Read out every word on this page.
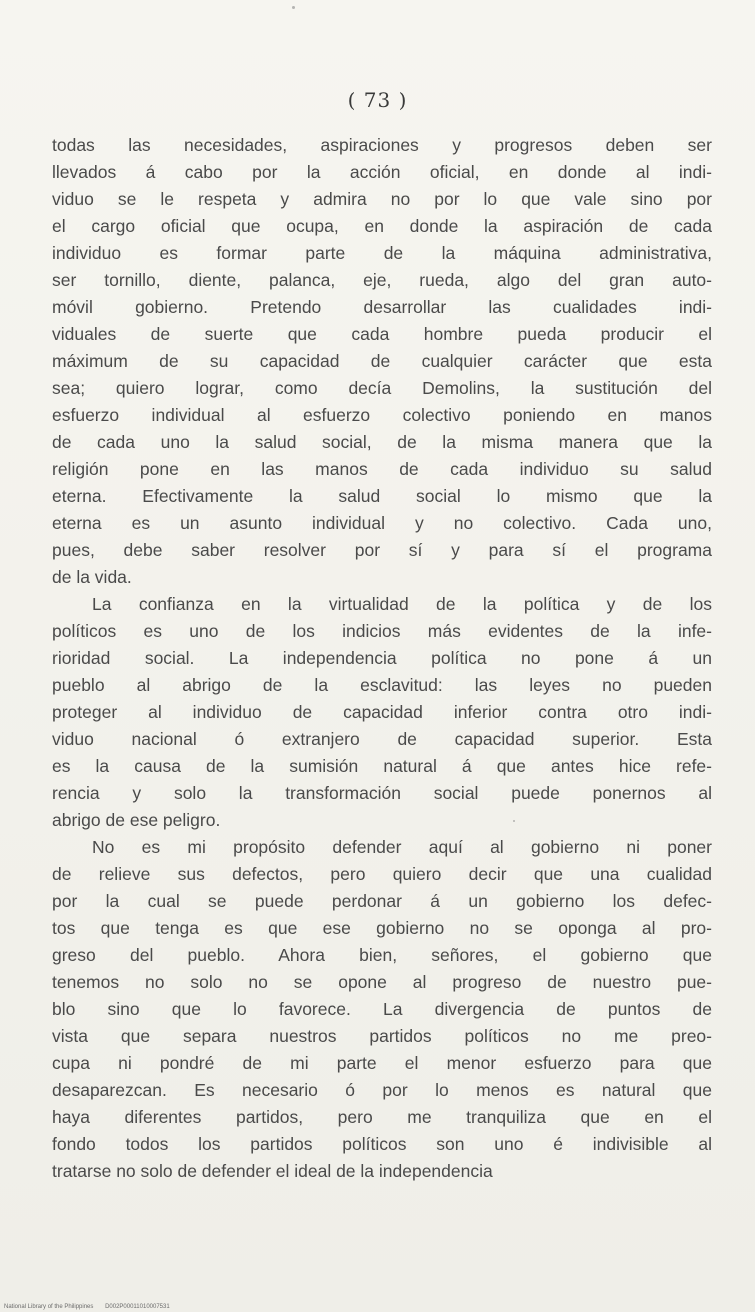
( 73 )
todas las necesidades, aspiraciones y progresos deben ser
llevados á cabo por la acción oficial, en donde al indi-
viduo se le respeta y admira no por lo que vale sino por
el cargo oficial que ocupa, en donde la aspiración de cada
individuo es formar parte de la máquina administrativa,
ser tornillo, diente, palanca, eje, rueda, algo del gran auto-
móvil gobierno. Pretendo desarrollar las cualidades indi-
viduales de suerte que cada hombre pueda producir el
máximum de su capacidad de cualquier carácter que esta
sea; quiero lograr, como decía Demolins, la sustitución del
esfuerzo individual al esfuerzo colectivo poniendo en manos
de cada uno la salud social, de la misma manera que la
religión pone en las manos de cada individuo su salud
eterna. Efectivamente la salud social lo mismo que la
eterna es un asunto individual y no colectivo. Cada uno,
pues, debe saber resolver por sí y para sí el programa
de la vida.
La confianza en la virtualidad de la política y de los
políticos es uno de los indicios más evidentes de la infe-
rioridad social. La independencia política no pone á un
pueblo al abrigo de la esclavitud: las leyes no pueden
proteger al individuo de capacidad inferior contra otro indi-
viduo nacional ó extranjero de capacidad superior. Esta
es la causa de la sumisión natural á que antes hice refe-
rencia y solo la transformación social puede ponernos al
abrigo de ese peligro.
No es mi propósito defender aquí al gobierno ni poner
de relieve sus defectos, pero quiero decir que una cualidad
por la cual se puede perdonar á un gobierno los defec-
tos que tenga es que ese gobierno no se oponga al pro-
greso del pueblo. Ahora bien, señores, el gobierno que
tenemos no solo no se opone al progreso de nuestro pue-
blo sino que lo favorece. La divergencia de puntos de
vista que separa nuestros partidos políticos no me preo-
cupa ni pondré de mi parte el menor esfuerzo para que
desaparezcan. Es necesario ó por lo menos es natural que
haya diferentes partidos, pero me tranquiliza que en el
fondo todos los partidos políticos son uno é indivisible al
tratarse no solo de defender el ideal de la independencia
National Library of the Philippines D002P00011010007531
